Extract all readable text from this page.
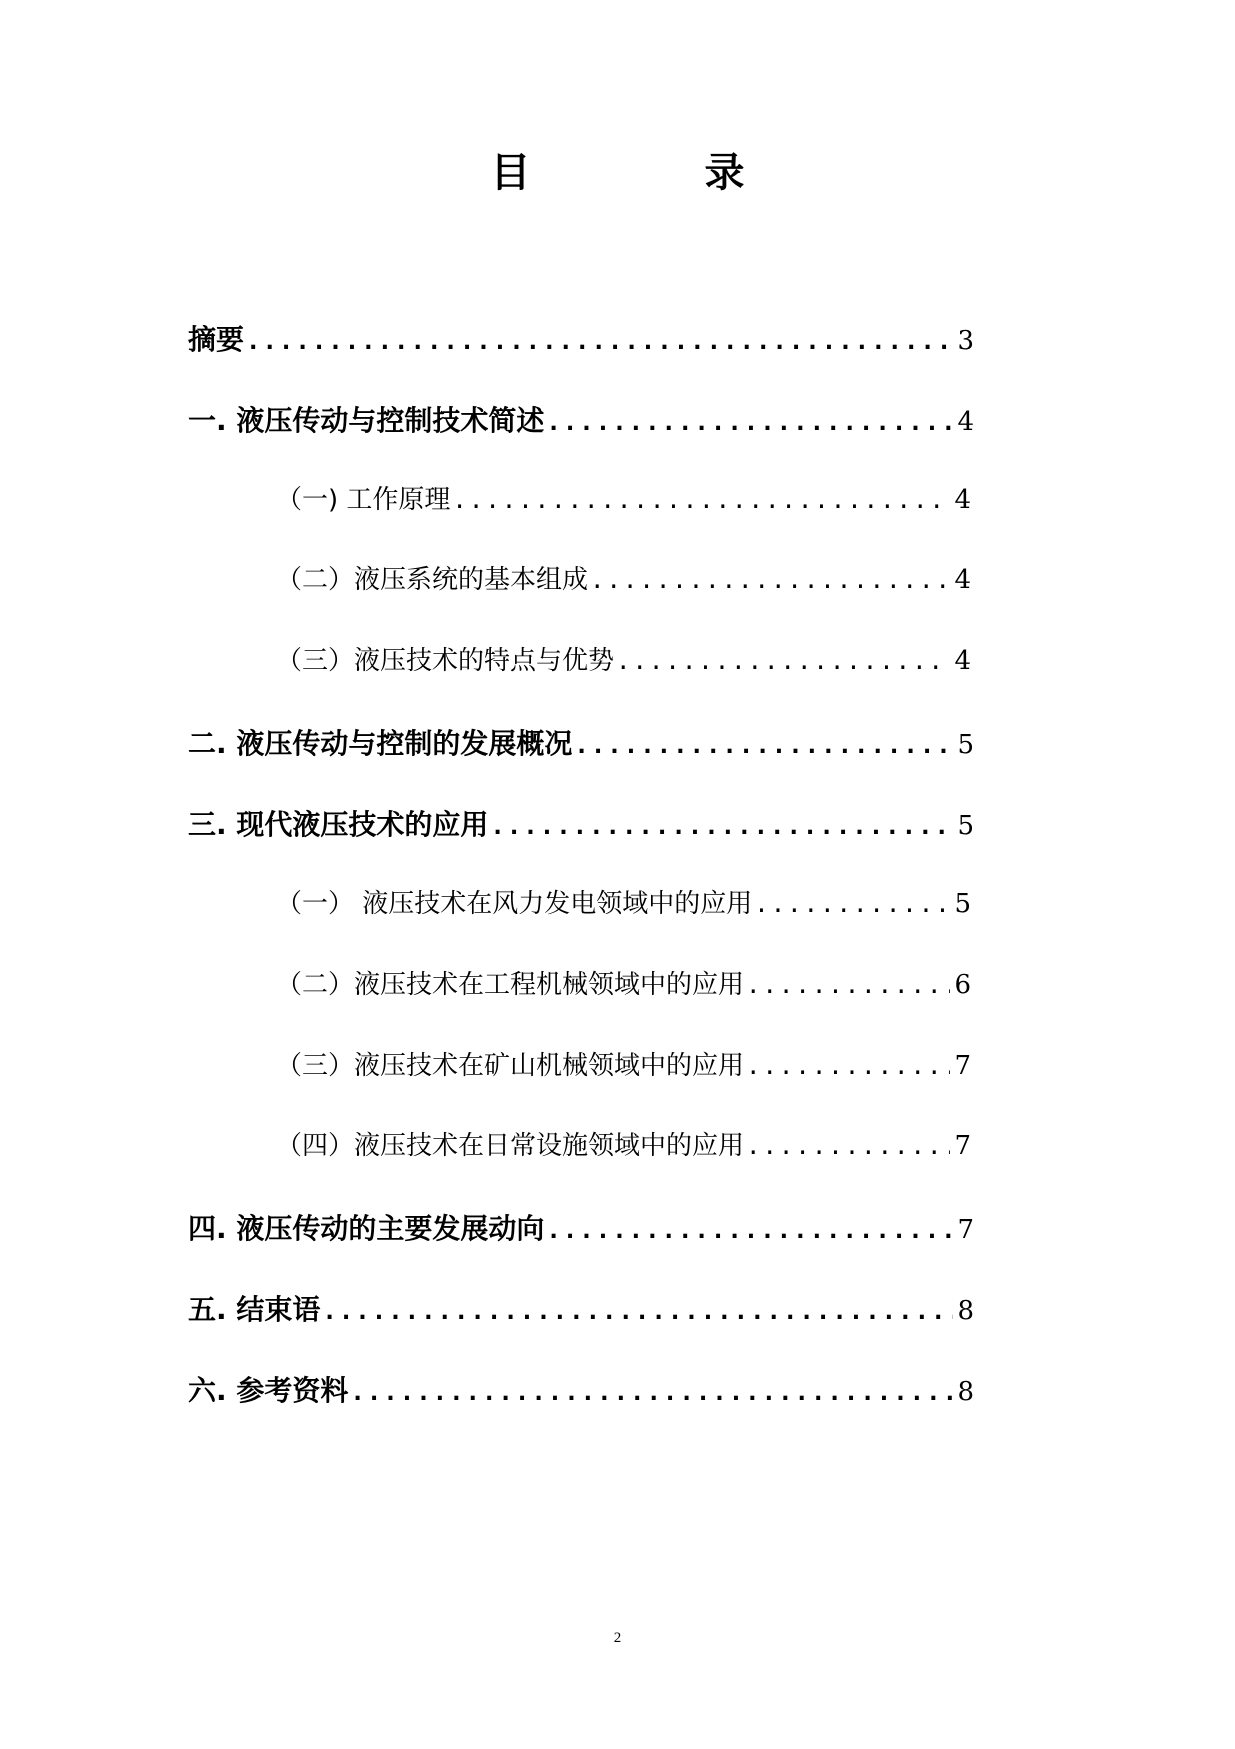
目 录
摘要 .....	3
一. 液压传动与控制技术简述 .....	4
（一) 工作原理 .....	4
（二）液压系统的基本组成 .....	4
（三）液压技术的特点与优势 .....	4
二. 液压传动与控制的发展概况 .....	5
三. 现代液压技术的应用 .....	5
（一） 液压技术在风力发电领域中的应用 .....	5
（二）液压技术在工程机械领域中的应用 .....	6
（三）液压技术在矿山机械领域中的应用 .....	7
（四）液压技术在日常设施领域中的应用 .....	7
四. 液压传动的主要发展动向 .....	7
五. 结束语 .....	8
六. 参考资料 .....	8
2
